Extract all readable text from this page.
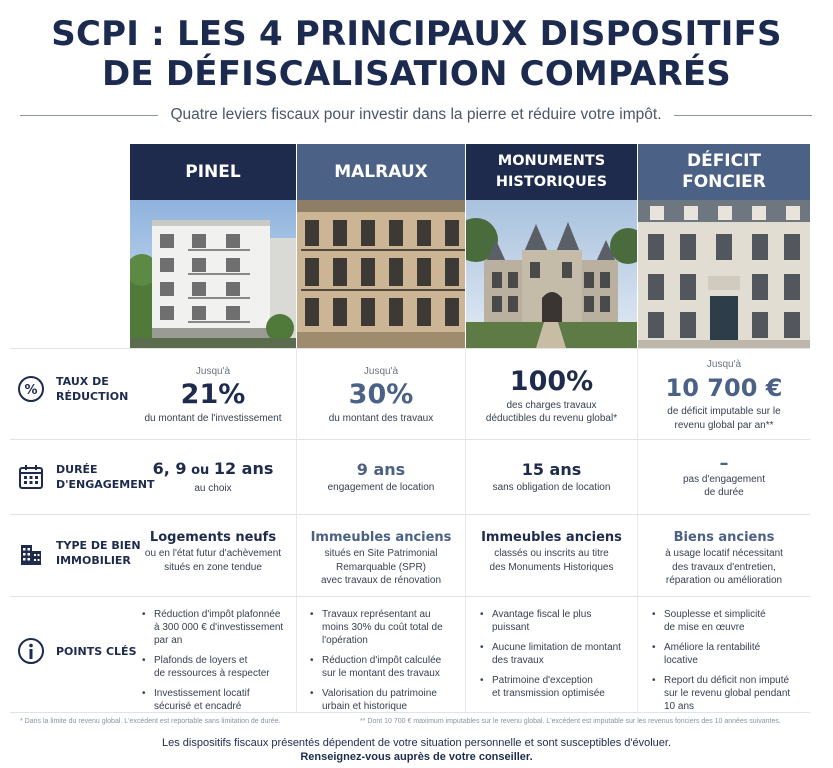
SCPI : LES 4 PRINCIPAUX DISPOSITIFS
DE DÉFISCALISATION COMPARÉS
Quatre leviers fiscaux pour investir dans la pierre et réduire votre impôt.
PINEL	MALRAUX
MONUMENTS
HISTORIQUES
DÉFICIT
FONCIER
%
TAUX DE
RÉDUCTION
Jusqu'à
21%
du montant de l'investissement
Jusqu'à
30%
du montant des travaux
100%
des charges travaux
déductibles du revenu global*
Jusqu'à
10 700 €
de déficit imputable sur le
revenu global par an**
DURÉE
D'ENGAGEMENT
6, 9 ou 12 ans
au choix
9 ans
engagement de location
15 ans
sans obligation de location
–
pas d'engagement
de durée
TYPE DE BIEN
IMMOBILIER
Logements neufs
ou en l'état futur d'achèvement
situés en zone tendue
Immeubles anciens
situés en Site Patrimonial
Remarquable (SPR)
avec travaux de rénovation
Immeubles anciens
classés ou inscrits au titre
des Monuments Historiques
Biens anciens
à usage locatif nécessitant
des travaux d'entretien,
réparation ou amélioration
POINTS CLÉS
• Réduction d'impôt plafonnée
à 300 000 € d'investissement
par an
• Plafonds de loyers et
de ressources à respecter
• Investissement locatif
sécurisé et encadré
• Travaux représentant au
moins 30% du coût total de
l'opération
• Réduction d'impôt calculée
sur le montant des travaux
• Valorisation du patrimoine
urbain et historique
• Avantage fiscal le plus
puissant
• Aucune limitation de montant
des travaux
• Patrimoine d'exception
et transmission optimisée
• Souplesse et simplicité
de mise en œuvre
• Améliore la rentabilité
locative
• Report du déficit non imputé
sur le revenu global pendant
10 ans
* Dans la limite du revenu global. L'excédent est reportable sans limitation de durée.	** Dont 10 700 € maximum imputables sur le revenu global. L'excédent est imputable sur les revenus fonciers des 10 années suivantes.
Les dispositifs fiscaux présentés dépendent de votre situation personnelle et sont susceptibles d'évoluer.
Renseignez-vous auprès de votre conseiller.
